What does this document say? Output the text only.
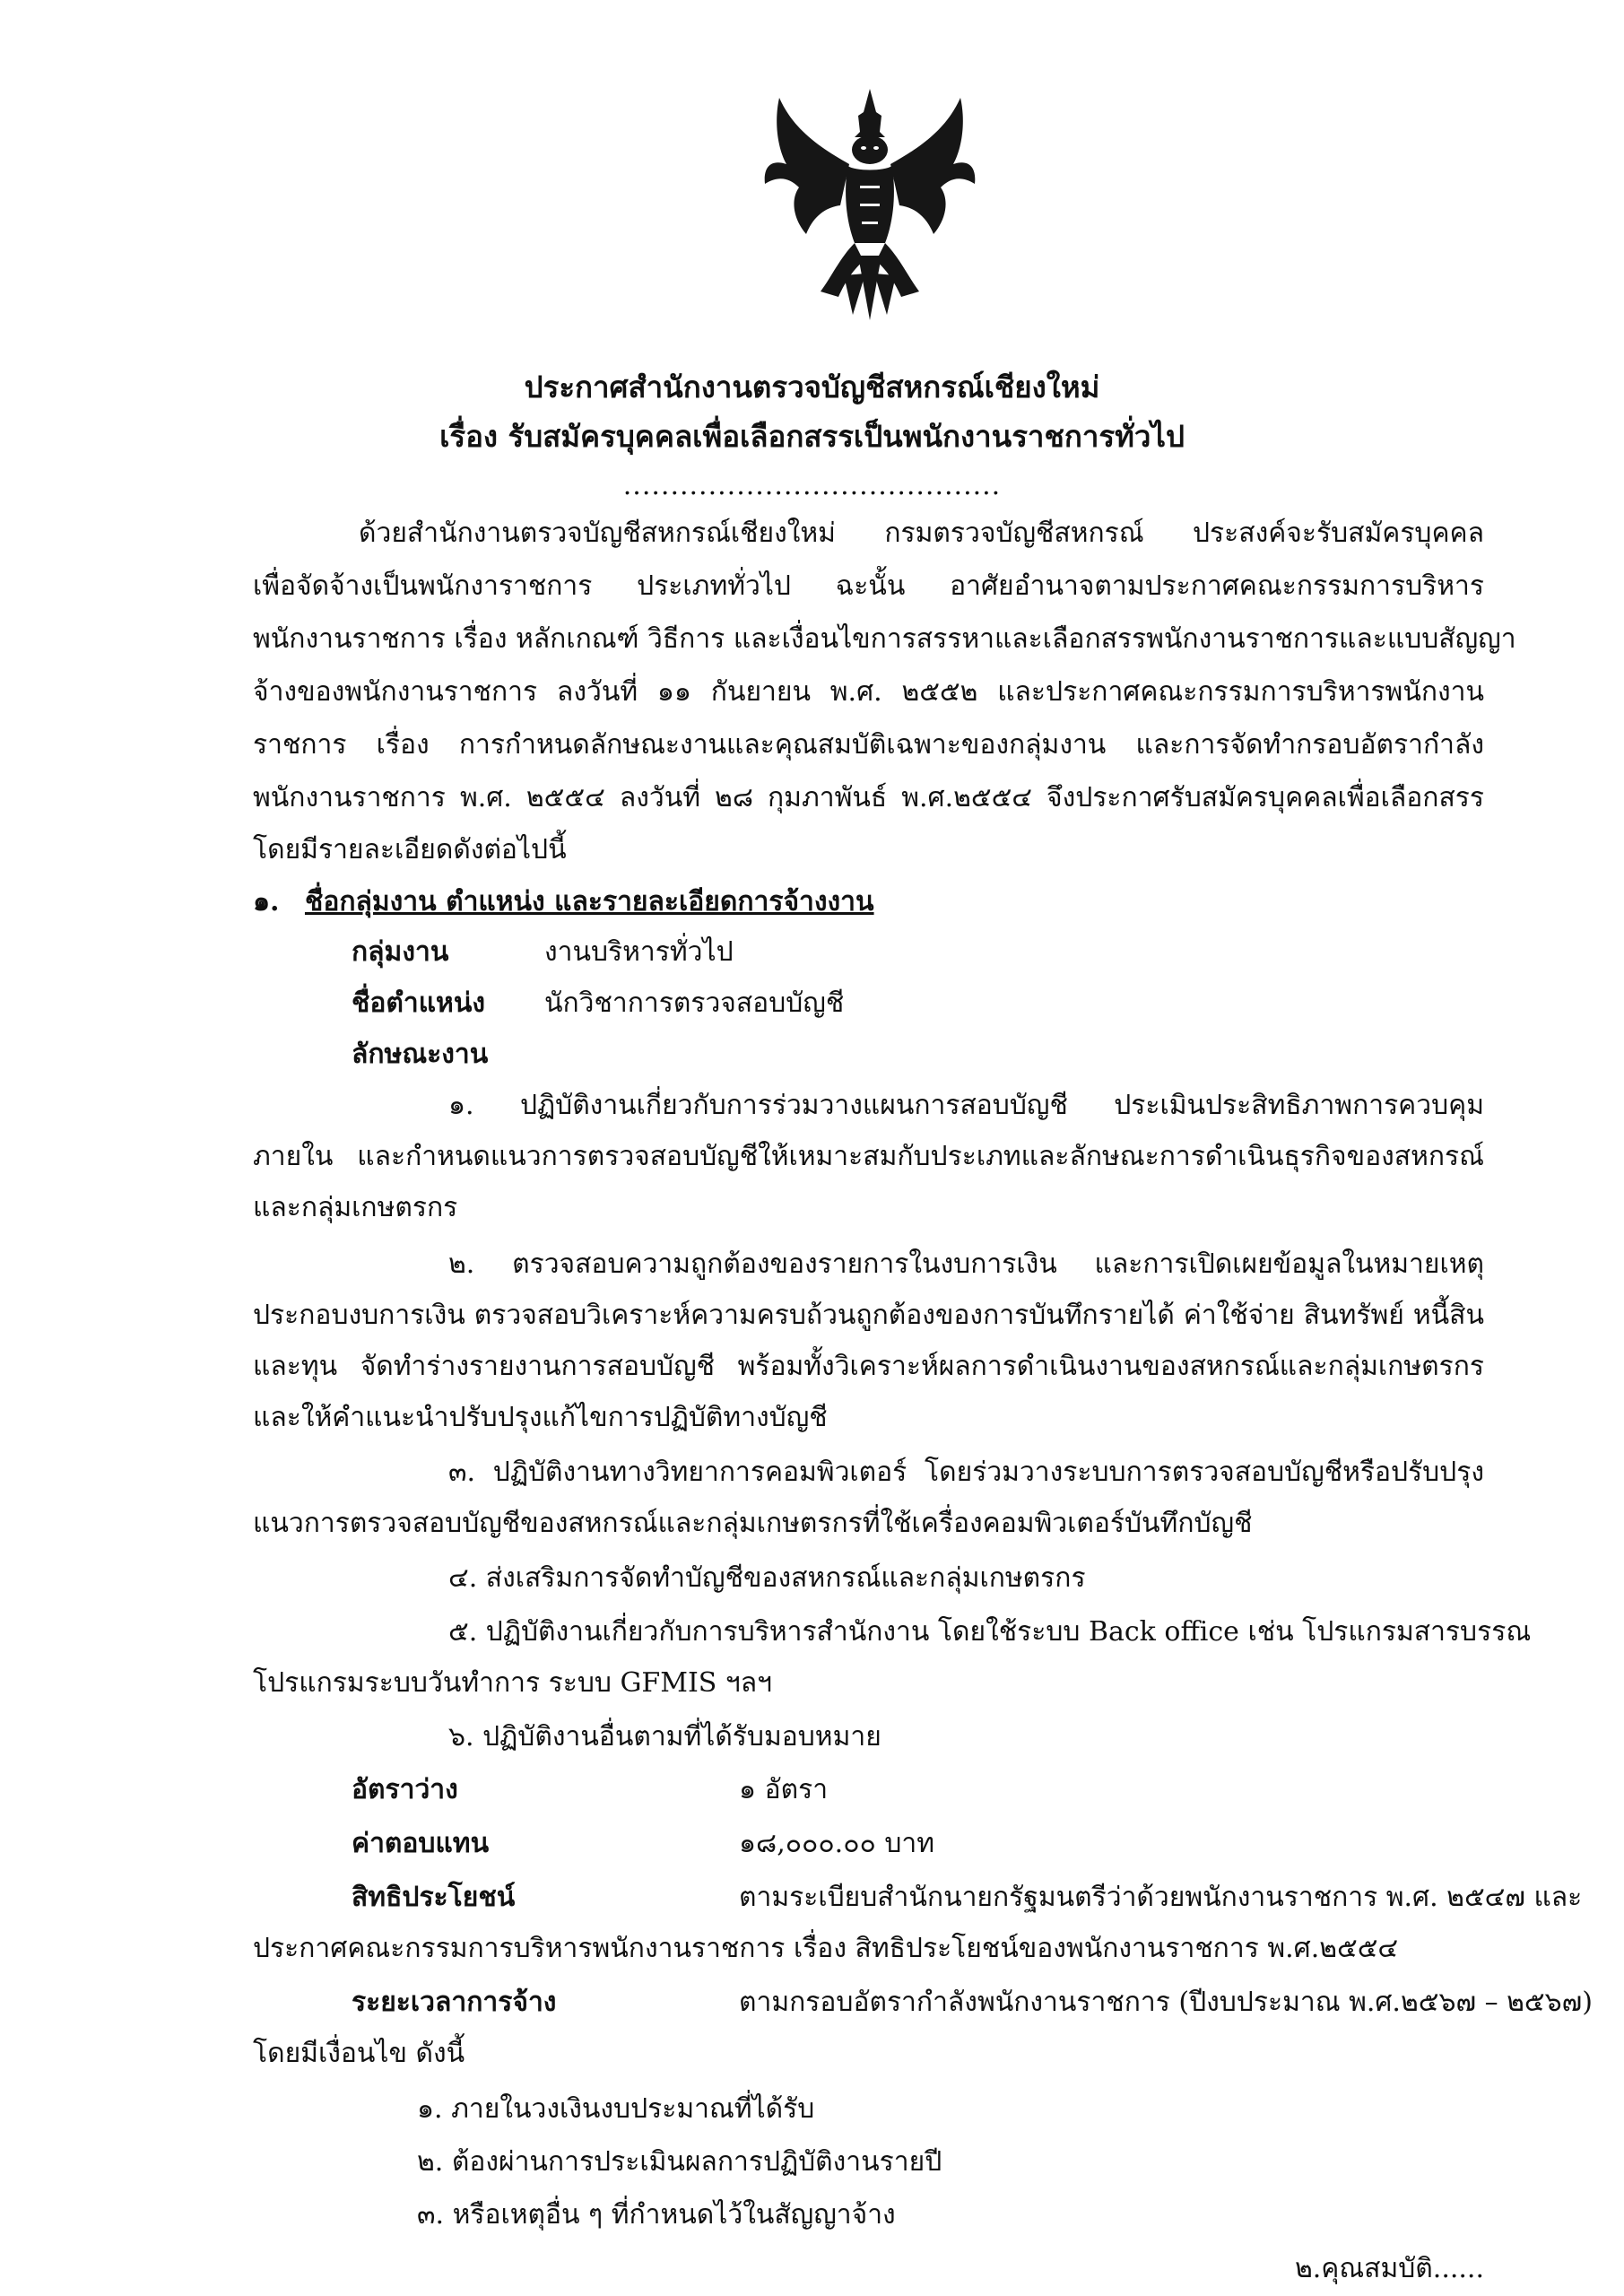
ประกาศสำนักงานตรวจบัญชีสหกรณ์เชียงใหม่
เรื่อง รับสมัครบุคคลเพื่อเลือกสรรเป็นพนักงานราชการทั่วไป
........................................
ด้วยสำนักงานตรวจบัญชีสหกรณ์เชียงใหม่ กรมตรวจบัญชีสหกรณ์ ประสงค์จะรับสมัครบุคคล
เพื่อจัดจ้างเป็นพนักงาราชการ ประเภททั่วไป ฉะนั้น อาศัยอำนาจตามประกาศคณะกรรมการบริหาร
พนักงานราชการ เรื่อง หลักเกณฑ์ วิธีการ และเงื่อนไขการสรรหาและเลือกสรรพนักงานราชการและแบบสัญญา
จ้างของพนักงานราชการ ลงวันที่ ๑๑ กันยายน พ.ศ. ๒๕๕๒ และประกาศคณะกรรมการบริหารพนักงาน
ราชการ เรื่อง การกำหนดลักษณะงานและคุณสมบัติเฉพาะของกลุ่มงาน และการจัดทำกรอบอัตรากำลัง
พนักงานราชการ พ.ศ. ๒๕๕๔ ลงวันที่ ๒๘ กุมภาพันธ์ พ.ศ.๒๕๕๔ จึงประกาศรับสมัครบุคคลเพื่อเลือกสรร
โดยมีรายละเอียดดังต่อไปนี้
๑. ชื่อกลุ่มงาน ตำแหน่ง และรายละเอียดการจ้างงาน
กลุ่มงาน	งานบริหารทั่วไป
ชื่อตำแหน่ง นักวิชาการตรวจสอบบัญชี
ลักษณะงาน
๑. ปฏิบัติงานเกี่ยวกับการร่วมวางแผนการสอบบัญชี ประเมินประสิทธิภาพการควบคุม
ภายใน และกำหนดแนวการตรวจสอบบัญชีให้เหมาะสมกับประเภทและลักษณะการดำเนินธุรกิจของสหกรณ์
และกลุ่มเกษตรกร
๒. ตรวจสอบความถูกต้องของรายการในงบการเงิน และการเปิดเผยข้อมูลในหมายเหตุ
ประกอบงบการเงิน ตรวจสอบวิเคราะห์ความครบถ้วนถูกต้องของการบันทึกรายได้ ค่าใช้จ่าย สินทรัพย์ หนี้สิน
และทุน จัดทำร่างรายงานการสอบบัญชี พร้อมทั้งวิเคราะห์ผลการดำเนินงานของสหกรณ์และกลุ่มเกษตรกร
และให้คำแนะนำปรับปรุงแก้ไขการปฏิบัติทางบัญชี
๓. ปฏิบัติงานทางวิทยาการคอมพิวเตอร์ โดยร่วมวางระบบการตรวจสอบบัญชีหรือปรับปรุง
แนวการตรวจสอบบัญชีของสหกรณ์และกลุ่มเกษตรกรที่ใช้เครื่องคอมพิวเตอร์บันทึกบัญชี
๔. ส่งเสริมการจัดทำบัญชีของสหกรณ์และกลุ่มเกษตรกร
๕. ปฏิบัติงานเกี่ยวกับการบริหารสำนักงาน โดยใช้ระบบ Back office เช่น โปรแกรมสารบรรณ
โปรแกรมระบบวันทำการ ระบบ GFMIS ฯลฯ
๖. ปฏิบัติงานอื่นตามที่ได้รับมอบหมาย
อัตราว่าง	๑ อัตรา
ค่าตอบแทน	๑๘,๐๐๐.๐๐ บาท
สิทธิประโยชน์	ตามระเบียบสำนักนายกรัฐมนตรีว่าด้วยพนักงานราชการ พ.ศ. ๒๕๔๗ และ
ประกาศคณะกรรมการบริหารพนักงานราชการ เรื่อง สิทธิประโยชน์ของพนักงานราชการ พ.ศ.๒๕๕๔
ระยะเวลาการจ้าง	ตามกรอบอัตรากำลังพนักงานราชการ (ปีงบประมาณ พ.ศ.๒๕๖๗ – ๒๕๖๗)
โดยมีเงื่อนไข ดังนี้
๑. ภายในวงเงินงบประมาณที่ได้รับ
๒. ต้องผ่านการประเมินผลการปฏิบัติงานรายปี
๓. หรือเหตุอื่น ๆ ที่กำหนดไว้ในสัญญาจ้าง
๒.คุณสมบัติ......
